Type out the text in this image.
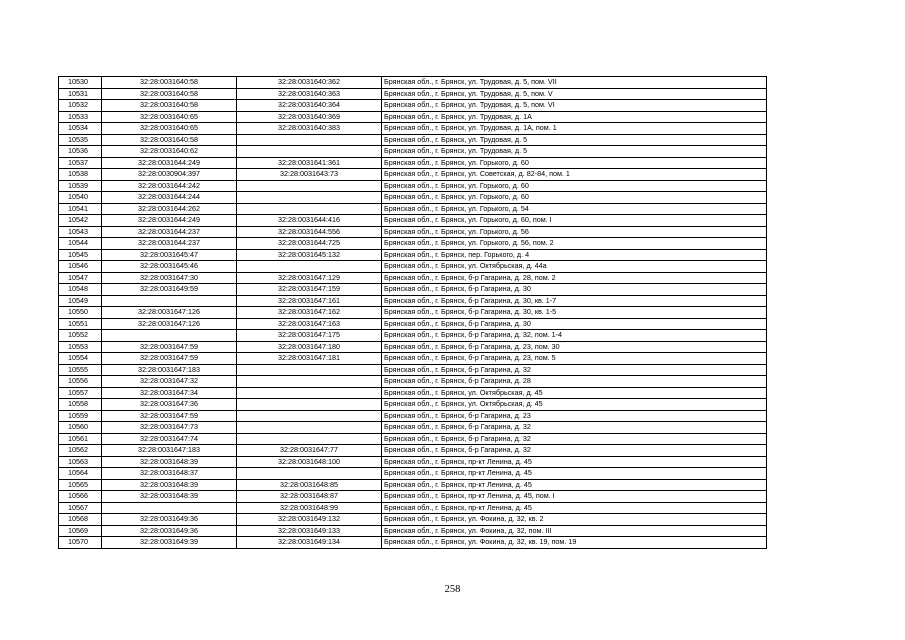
10530	32:28:0031640:58	32:28:0031640:362	Брянская обл., г. Брянск, ул. Трудовая, д. 5, пом. VII
10531	32:28:0031640:58	32:28:0031640:363	Брянская обл., г. Брянск, ул. Трудовая, д. 5, пом. V
10532	32:28:0031640:58	32:28:0031640:364	Брянская обл., г. Брянск, ул. Трудовая, д. 5, пом. VI
10533	32:28:0031640:65	32:28:0031640:369	Брянская обл., г. Брянск, ул. Трудовая, д. 1А
10534	32:28:0031640:65	32:28:0031640:383	Брянская обл., г. Брянск, ул. Трудовая, д. 1А, пом. 1
10535	32:28:0031640:58		Брянская обл., г. Брянск, ул. Трудовая, д. 5
10536	32:28:0031640:62		Брянская обл., г. Брянск, ул. Трудовая, д. 5
10537	32:28:0031644:249	32:28:0031641:361	Брянская обл., г. Брянск, ул. Горького, д. 60
10538	32:28:0030904:397	32:28:0031643:73	Брянская обл., г. Брянск, ул. Советская, д. 82-84, пом. 1
10539	32:28:0031644:242		Брянская обл., г. Брянск, ул. Горького, д. 60
10540	32:28:0031644:244		Брянская обл., г. Брянск, ул. Горького, д. 60
10541	32:28:0031644:262		Брянская обл., г. Брянск, ул. Горького, д. 54
10542	32:28:0031644:249	32:28:0031644:416	Брянская обл., г. Брянск, ул. Горького, д. 60, пом. I
10543	32:28:0031644:237	32:28:0031644:556	Брянская обл., г. Брянск, ул. Горького, д. 56
10544	32:28:0031644:237	32:28:0031644:725	Брянская обл., г. Брянск, ул. Горького, д. 56, пом. 2
10545	32:28:0031645:47	32:28:0031645:132	Брянская обл., г. Брянск, пер. Горького, д. 4
10546	32:28:0031645:46		Брянская обл., г. Брянск, ул. Октябрьская, д. 44а
10547	32:28:0031647:30	32:28:0031647:129	Брянская обл., г. Брянск, б-р Гагарина, д. 28, пом. 2
10548	32:28:0031649:59	32:28:0031647:159	Брянская обл., г. Брянск, б-р Гагарина, д. 30
10549		32:28:0031647:161	Брянская обл., г. Брянск, б-р Гагарина, д. 30, кв. 1-7
10550	32:28:0031647:126	32:28:0031647:162	Брянская обл., г. Брянск, б-р Гагарина, д. 30, кв. 1-5
10551	32:28:0031647:126	32:28:0031647:163	Брянская обл., г. Брянск, б-р Гагарина, д. 30
10552		32:28:0031647:175	Брянская обл., г. Брянск, б-р Гагарина, д. 32, пом. 1-4
10553	32:28:0031647:59	32:28:0031647:180	Брянская обл., г. Брянск, б-р Гагарина, д. 23, пом. 30
10554	32:28:0031647:59	32:28:0031647:181	Брянская обл., г. Брянск, б-р Гагарина, д. 23, пом. 5
10555	32:28:0031647:183		Брянская обл., г. Брянск, б-р Гагарина, д. 32
10556	32:28:0031647:32		Брянская обл., г. Брянск, б-р Гагарина, д. 28
10557	32:28:0031647:34		Брянская обл., г. Брянск, ул. Октябрьская, д. 45
10558	32:28:0031647:36		Брянская обл., г. Брянск, ул. Октябрьская, д. 45
10559	32:28:0031647:59		Брянская обл., г. Брянск, б-р Гагарина, д. 23
10560	32:28:0031647:73		Брянская обл., г. Брянск, б-р Гагарина, д. 32
10561	32:28:0031647:74		Брянская обл., г. Брянск, б-р Гагарина, д. 32
10562	32:28:0031647:183	32:28:0031647:77	Брянская обл., г. Брянск, б-р Гагарина, д. 32
10563	32:28:0031648:39	32:28:0031648:100	Брянская обл., г. Брянск, пр-кт Ленина, д. 45
10564	32:28:0031648:37		Брянская обл., г. Брянск, пр-кт Ленина, д. 45
10565	32:28:0031648:39	32:28:0031648:85	Брянская обл., г. Брянск, пр-кт Ленина, д. 45
10566	32:28:0031648:39	32:28:0031648:87	Брянская обл., г. Брянск, пр-кт Ленина, д. 45, пом. I
10567		32:28:0031648:99	Брянская обл., г. Брянск, пр-кт Ленина, д. 45
10568	32:28:0031649:36	32:28:0031649:132	Брянская обл., г. Брянск, ул. Фокина, д. 32, кв. 2
10569	32:28:0031649:36	32:28:0031649:133	Брянская обл., г. Брянск, ул. Фокина, д. 32, пом. III
10570	32:28:0031649:39	32:28:0031649:134	Брянская обл., г. Брянск, ул. Фокина, д. 32, кв. 19, пом. 19
258
